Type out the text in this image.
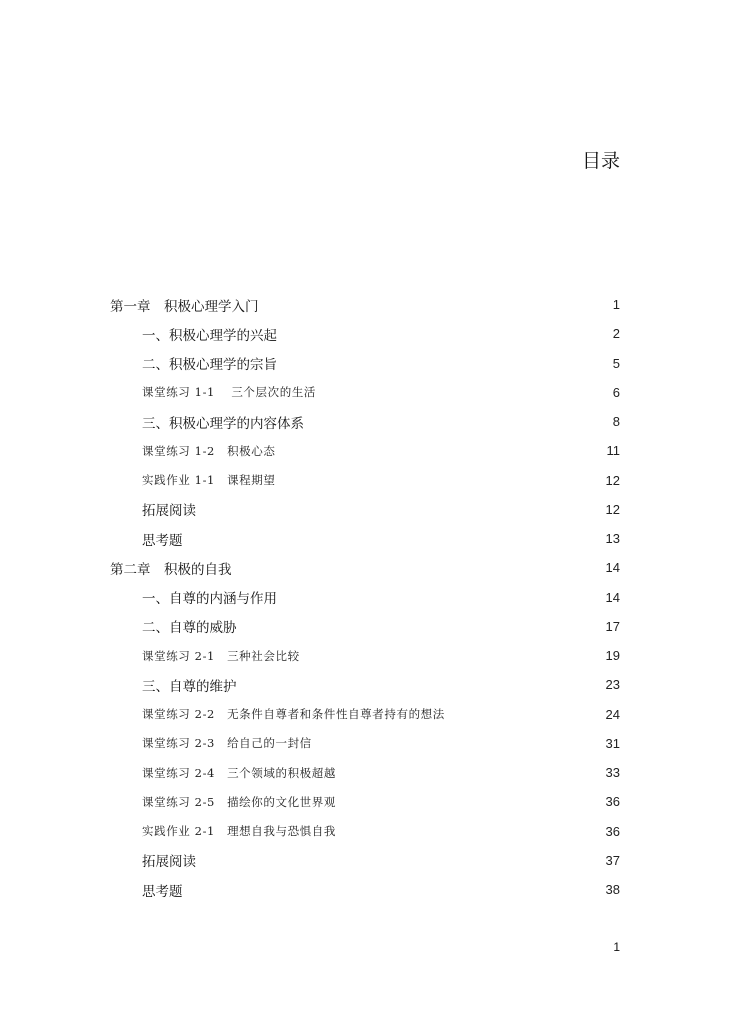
目录
第一章　积极心理学入门	1
一、积极心理学的兴起	2
二、积极心理学的宗旨	5
课堂练习 1-1　 三个层次的生活	6
三、积极心理学的内容体系	8
课堂练习 1-2　积极心态	11
实践作业 1-1　课程期望	12
拓展阅读	12
思考题	13
第二章　积极的自我	14
一、自尊的内涵与作用	14
二、自尊的威胁	17
课堂练习 2-1　三种社会比较	19
三、自尊的维护	23
课堂练习 2-2　无条件自尊者和条件性自尊者持有的想法	24
课堂练习 2-3　给自己的一封信	31
课堂练习 2-4　三个领域的积极超越	33
课堂练习 2-5　描绘你的文化世界观	36
实践作业 2-1　理想自我与恐惧自我	36
拓展阅读	37
思考题	38
1
